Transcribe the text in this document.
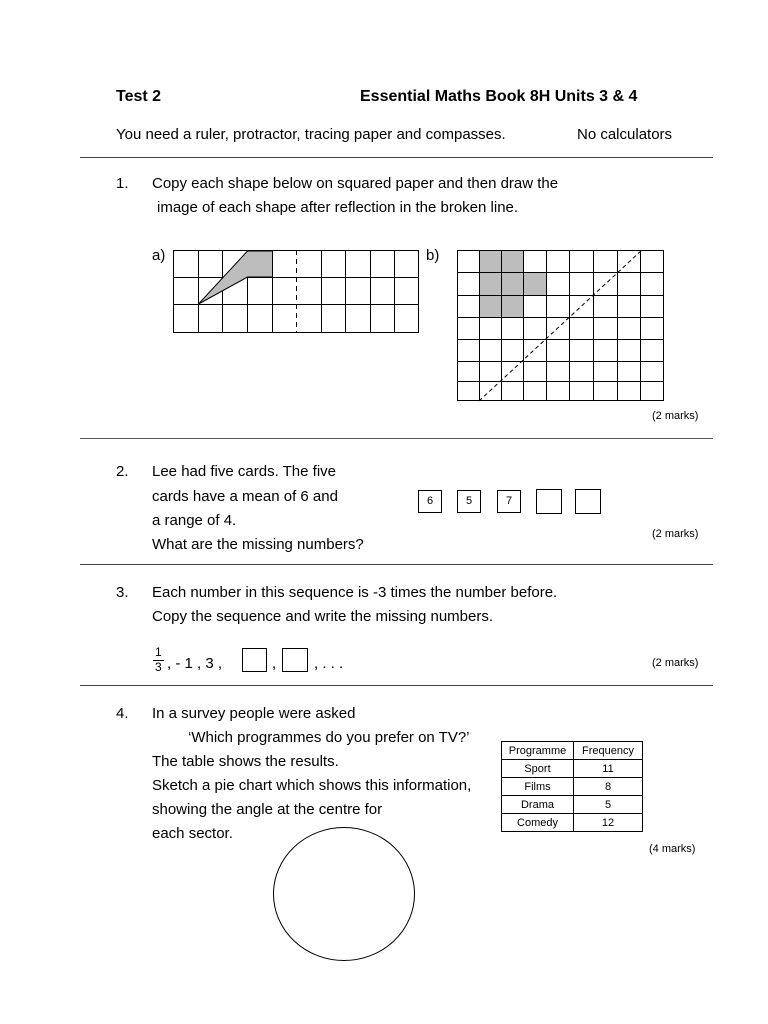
Test 2	Essential Maths Book 8H Units 3 & 4
You need a ruler, protractor, tracing paper and compasses.	No calculators
1. Copy each shape below on squared paper and then draw the
image of each shape after reflection in the broken line.
a)	b)
(2 marks)
2. Lee had five cards. The five
cards have a mean of 6 and
a range of 4.
What are the missing numbers?
6	5	7
(2 marks)
3. Each number in this sequence is -3 times the number before.
Copy the sequence and write the missing numbers.
1
3 , - 1 , 3 ,	,	, . . .	(2 marks)
4. In a survey people were asked
‘Which programmes do you prefer on TV?’
The table shows the results.
Sketch a pie chart which shows this information,
showing the angle at the centre for
each sector.
Programme	Frequency
Sport	11
Films	8
Drama	5
Comedy	12
(4 marks)
